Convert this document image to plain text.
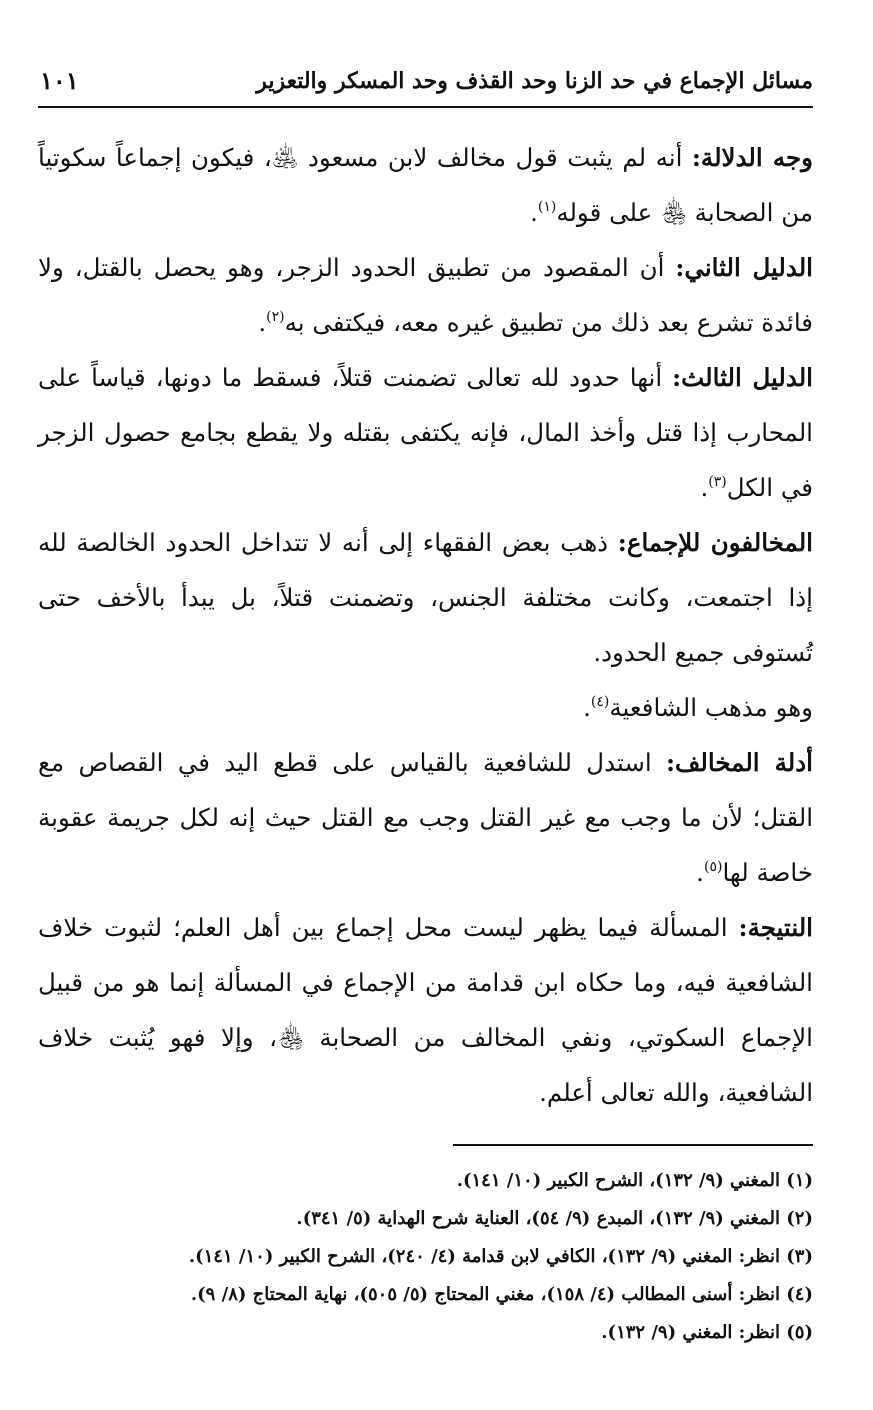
مسائل الإجماع في حد الزنا وحد القذف وحد المسكر والتعزير
١٠١

وجه الدلالة: أنه لم يثبت قول مخالف لابن مسعود ﵁، فيكون إجماعاً سكوتياً من الصحابة ﵃ على قوله$^{(١)}$.

الدليل الثاني: أن المقصود من تطبيق الحدود الزجر، وهو يحصل بالقتل، ولا فائدة تشرع بعد ذلك من تطبيق غيره معه، فيكتفى به$^{(٢)}$.

الدليل الثالث: أنها حدود لله تعالى تضمنت قتلاً، فسقط ما دونها، قياساً على المحارب إذا قتل وأخذ المال، فإنه يكتفى بقتله ولا يقطع بجامع حصول الزجر في الكل$^{(٣)}$.

المخالفون للإجماع: ذهب بعض الفقهاء إلى أنه لا تتداخل الحدود الخالصة لله إذا اجتمعت، وكانت مختلفة الجنس، وتضمنت قتلاً، بل يبدأ بالأخف حتى تُستوفى جميع الحدود.

وهو مذهب الشافعية$^{(٤)}$.

أدلة المخالف: استدل للشافعية بالقياس على قطع اليد في القصاص مع القتل؛ لأن ما وجب مع غير القتل وجب مع القتل حيث إنه لكل جريمة عقوبة خاصة لها$^{(٥)}$.

النتيجة: المسألة فيما يظهر ليست محل إجماع بين أهل العلم؛ لثبوت خلاف الشافعية فيه، وما حكاه ابن قدامة من الإجماع في المسألة إنما هو من قبيل الإجماع السكوتي، ونفي المخالف من الصحابة ﵃، وإلا فهو يُثبت خلاف الشافعية، والله تعالى أعلم.

(١) المغني (٩/ ١٣٢)، الشرح الكبير (١٠/ ١٤١).

(٢) المغني (٩/ ١٣٢)، المبدع (٩/ ٥٤)، العناية شرح الهداية (٥/ ٣٤١).

(٣) انظر: المغني (٩/ ١٣٢)، الكافي لابن قدامة (٤/ ٢٤٠)، الشرح الكبير (١٠/ ١٤١).

(٤) انظر: أسنى المطالب (٤/ ١٥٨)، مغني المحتاج (٥/ ٥٠٥)، نهاية المحتاج (٨/ ٩).

(٥) انظر: المغني (٩/ ١٣٢).
